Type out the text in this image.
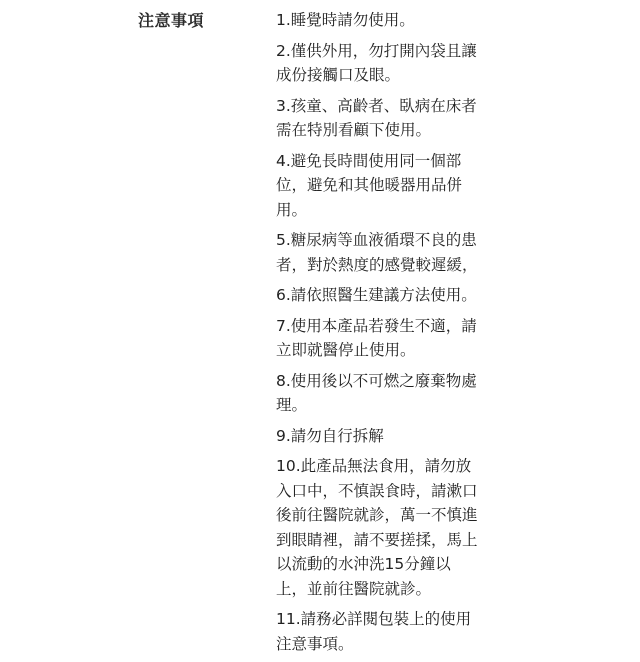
注意事項	1.睡覺時請勿使用。
2.僅供外用，勿打開內袋且讓
成份接觸口及眼。
3.孩童、高齡者、臥病在床者
需在特別看顧下使用。
4.避免長時間使用同一個部
位，避免和其他暖器用品併
用。
5.糖尿病等血液循環不良的患
者，對於熱度的感覺較遲緩，
6.請依照醫生建議方法使用。
7.使用本產品若發生不適，請
立即就醫停止使用。
8.使用後以不可燃之廢棄物處
理。
9.請勿自行拆解
10.此產品無法食用，請勿放
入口中，不慎誤食時，請漱口
後前往醫院就診，萬一不慎進
到眼睛裡，請不要搓揉，馬上
以流動的水沖洗15分鐘以
上，並前往醫院就診。
11.請務必詳閱包裝上的使用
注意事項。
